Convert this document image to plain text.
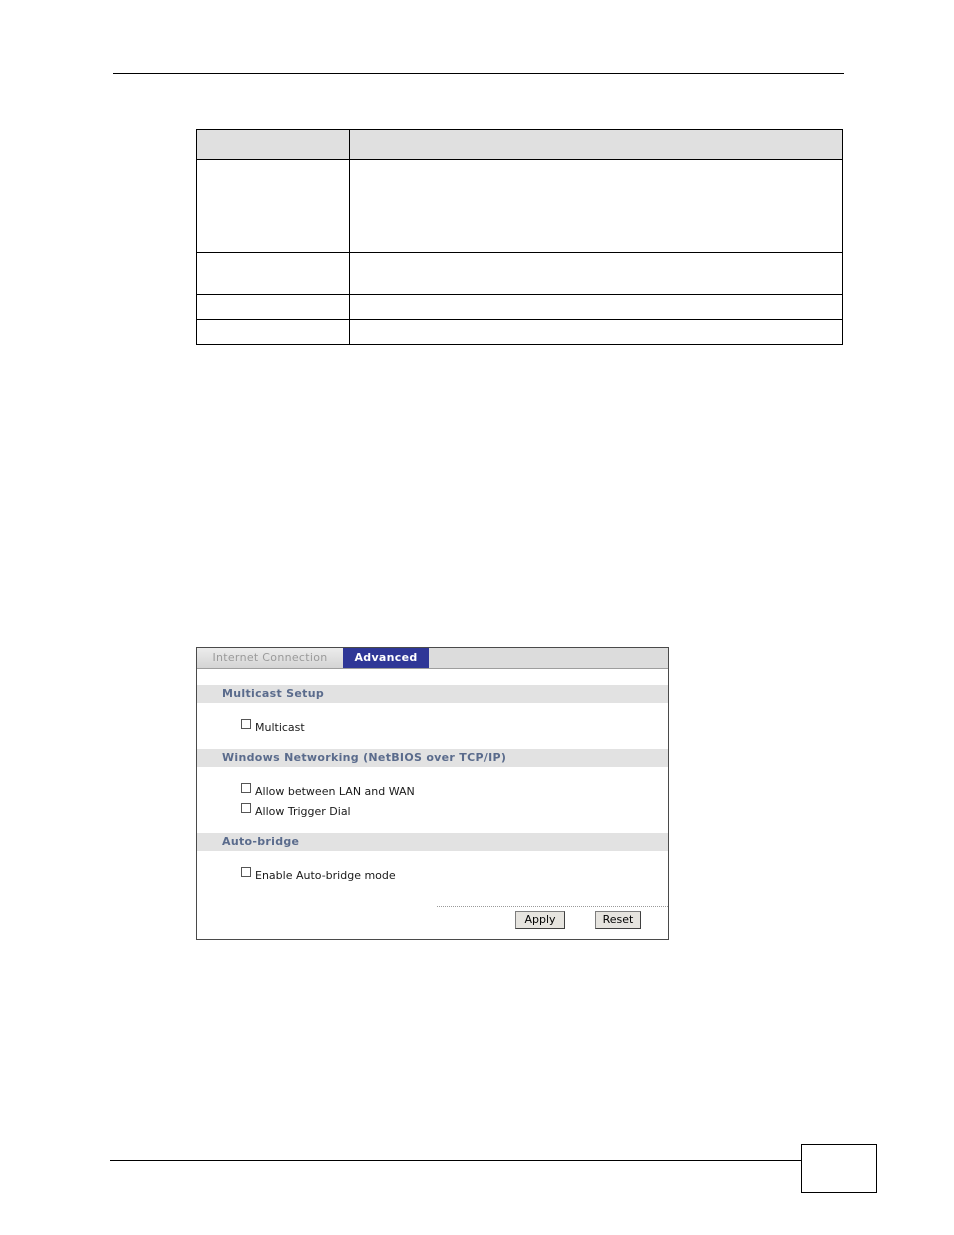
Internet Connection	Advanced
Multicast Setup
Multicast
Windows Networking (NetBIOS over TCP/IP)
Allow between LAN and WAN
Allow Trigger Dial
Auto-bridge
Enable Auto-bridge mode
Apply	Reset
